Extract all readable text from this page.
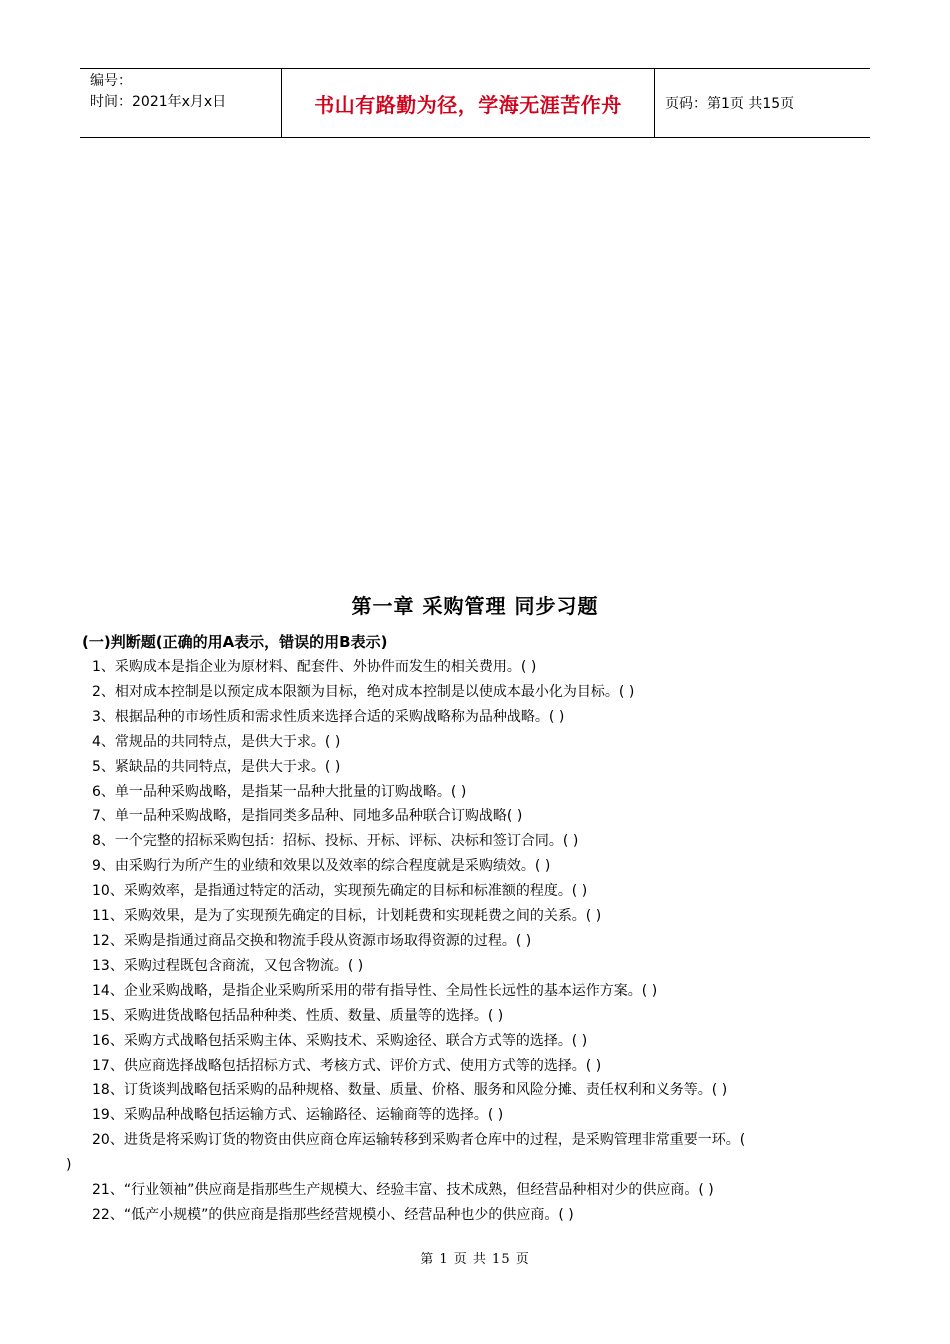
编号：
时间：2021年x月x日	书山有路勤为径，学海无涯苦作舟	页码：第1页 共15页
第一章 采购管理 同步习题
(一)判断题(正确的用A表示，错误的用B表示)
1、采购成本是指企业为原材料、配套件、外协件而发生的相关费用。( )
2、相对成本控制是以预定成本限额为目标，绝对成本控制是以使成本最小化为目标。( )
3、根据品种的市场性质和需求性质来选择合适的采购战略称为品种战略。( )
4、常规品的共同特点，是供大于求。( )
5、紧缺品的共同特点，是供大于求。( )
6、单一品种采购战略，是指某一品种大批量的订购战略。( )
7、单一品种采购战略，是指同类多品种、同地多品种联合订购战略( )
8、一个完整的招标采购包括：招标、投标、开标、评标、决标和签订合同。( )
9、由采购行为所产生的业绩和效果以及效率的综合程度就是采购绩效。( )
10、采购效率，是指通过特定的活动，实现预先确定的目标和标准额的程度。( )
11、采购效果，是为了实现预先确定的目标，计划耗费和实现耗费之间的关系。( )
12、采购是指通过商品交换和物流手段从资源市场取得资源的过程。( )
13、采购过程既包含商流，又包含物流。( )
14、企业采购战略，是指企业采购所采用的带有指导性、全局性长远性的基本运作方案。( )
15、采购进货战略包括品种种类、性质、数量、质量等的选择。( )
16、采购方式战略包括采购主体、采购技术、采购途径、联合方式等的选择。( )
17、供应商选择战略包括招标方式、考核方式、评价方式、使用方式等的选择。( )
18、订货谈判战略包括采购的品种规格、数量、质量、价格、服务和风险分摊、责任权利和义务等。( )
19、采购品种战略包括运输方式、运输路径、运输商等的选择。( )
20、进货是将采购订货的物资由供应商仓库运输转移到采购者仓库中的过程，是采购管理非常重要一环。(
)
21、“行业领袖”供应商是指那些生产规模大、经验丰富、技术成熟，但经营品种相对少的供应商。( )
22、“低产小规模”的供应商是指那些经营规模小、经营品种也少的供应商。( )
第 1 页 共 15 页
